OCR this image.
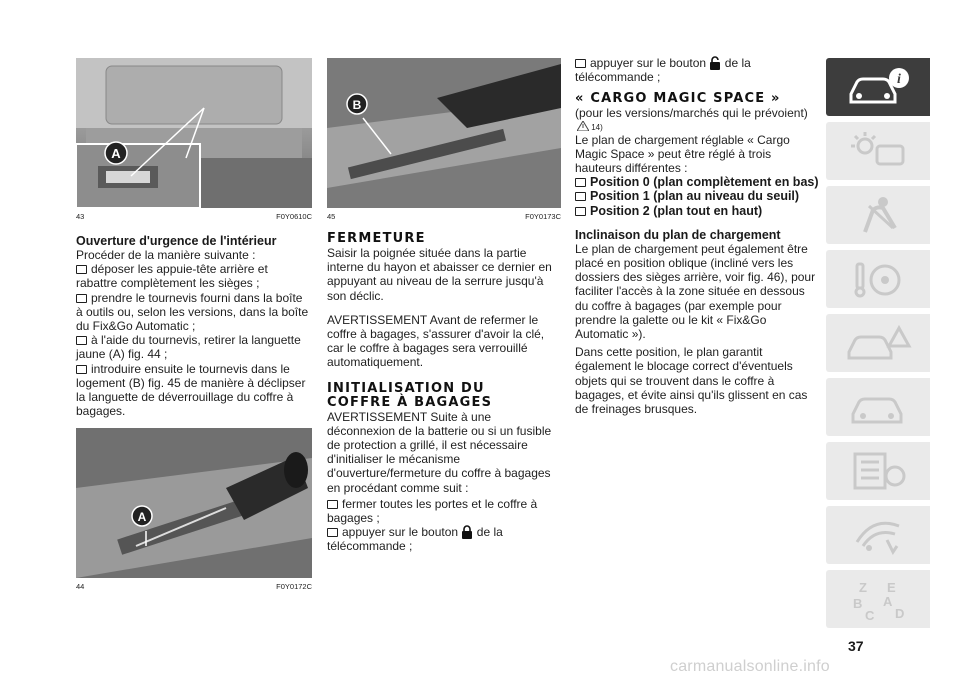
A
43	F0Y0610C
Ouverture d'urgence de l'intérieur
Procéder de la manière suivante :
déposer les appuie-tête arrière et rabattre complètement les sièges ;
prendre le tournevis fourni dans la boîte à outils ou, selon les versions, dans la boîte du Fix&Go Automatic ;
à l'aide du tournevis, retirer la languette jaune (A) fig. 44 ;
introduire ensuite le tournevis dans le logement (B) fig. 45 de manière à déclipser la languette de déverrouillage du coffre à bagages.
A
44	F0Y0172C
B
45	F0Y0173C
FERMETURE
Saisir la poignée située dans la partie interne du hayon et abaisser ce dernier en appuyant au niveau de la serrure jusqu'à son déclic.
AVERTISSEMENT Avant de refermer le coffre à bagages, s'assurer d'avoir la clé, car le coffre à bagages sera verrouillé automatiquement.
INITIALISATION DU
COFFRE À BAGAGES
AVERTISSEMENT Suite à une déconnexion de la batterie ou si un fusible de protection a grillé, il est nécessaire d'initialiser le mécanisme d'ouverture/fermeture du coffre à bagages en procédant comme suit :
fermer toutes les portes et le coffre à bagages ;
appuyer sur le bouton de la télécommande ;
appuyer sur le bouton de la télécommande ;
« CARGO MAGIC SPACE »
(pour les versions/marchés qui le prévoient)
14)
Le plan de chargement réglable « Cargo Magic Space » peut être réglé à trois hauteurs différentes :
Position 0 (plan complètement en bas)
Position 1 (plan au niveau du seuil)
Position 2 (plan tout en haut)
Inclinaison du plan de chargement
Le plan de chargement peut également être placé en position oblique (incliné vers les dossiers des sièges arrière, voir fig. 46), pour faciliter l'accès à la zone située en dessous du coffre à bagages (par exemple pour prendre la galette ou le kit « Fix&Go Automatic »).
Dans cette position, le plan garantit également le blocage correct d'éventuels objets qui se trouvent dans le coffre à bagages, et évite ainsi qu'ils glissent en cas de freinages brusques.
i
Z E
B A
C D
37
carmanualsonline.info
